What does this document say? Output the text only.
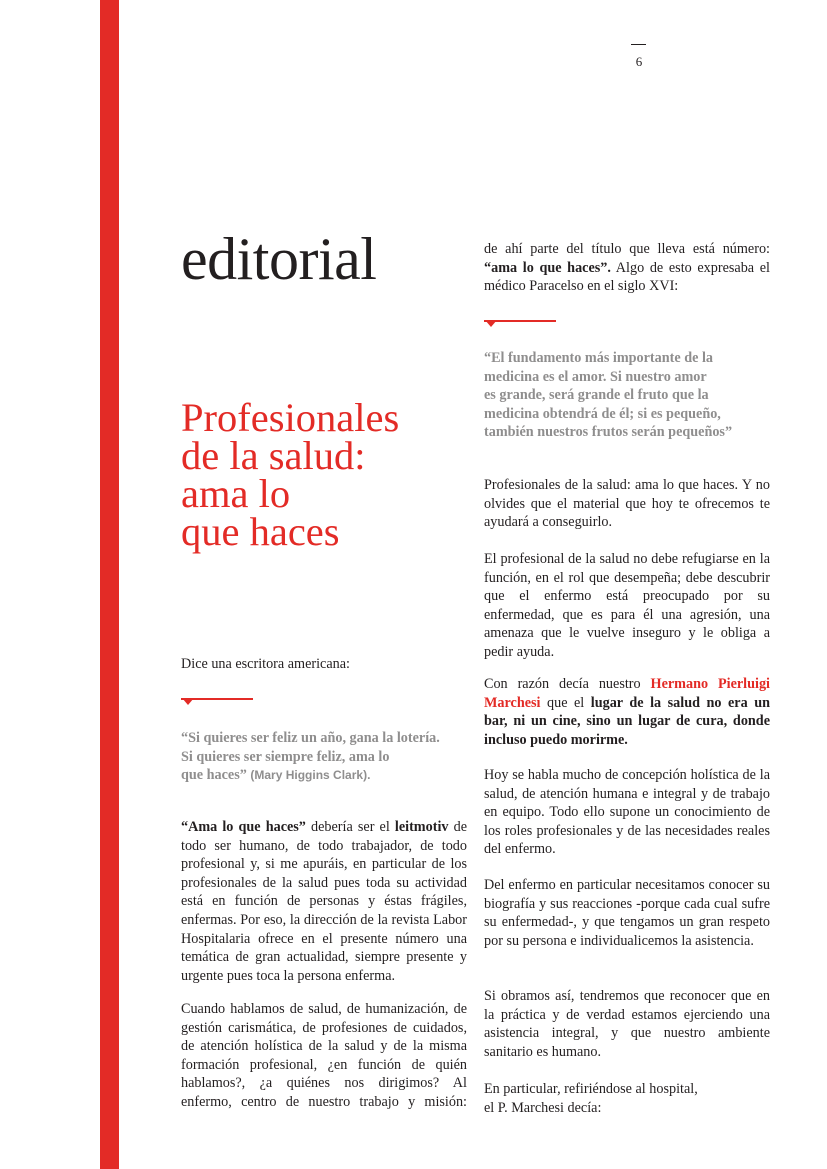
6
editorial
Profesionales
de la salud:
ama lo
que haces

Dice una escritora americana:

“Si quieres ser feliz un año, gana la lotería.
Si quieres ser siempre feliz, ama lo
que haces” (Mary Higgins Clark).

“Ama lo que haces” debería ser el leitmotiv de todo ser humano, de todo trabajador, de todo profesional y, si me apuráis, en particular de los profesionales de la salud pues toda su actividad está en función de personas y éstas frágiles, enfermas. Por eso, la dirección de la revista Labor Hospitalaria ofrece en el presente número una temática de gran actualidad, siempre presente y urgente pues toca la persona enferma.

Cuando hablamos de salud, de humanización, de gestión carismática, de profesiones de cuidados, de atención holística de la salud y de la misma formación profesional, ¿en función de quién hablamos?, ¿a quiénes nos dirigimos? Al enfermo, centro de nuestro trabajo y misión:

de ahí parte del título que lleva está número: “ama lo que haces”. Algo de esto expresaba el médico Paracelso en el siglo XVI:

“El fundamento más importante de la
medicina es el amor. Si nuestro amor
es grande, será grande el fruto que la
medicina obtendrá de él; si es pequeño,
también nuestros frutos serán pequeños”

Profesionales de la salud: ama lo que haces. Y no olvides que el material que hoy te ofrecemos te ayudará a conseguirlo.

El profesional de la salud no debe refugiarse en la función, en el rol que desempeña; debe descubrir que el enfermo está preocupado por su enfermedad, que es para él una agresión, una amenaza que le vuelve inseguro y le obliga a pedir ayuda.

Con razón decía nuestro Hermano Pierluigi Marchesi que el lugar de la salud no era un bar, ni un cine, sino un lugar de cura, donde incluso puedo morirme.

Hoy se habla mucho de concepción holística de la salud, de atención humana e integral y de trabajo en equipo. Todo ello supone un conocimiento de los roles profesionales y de las necesidades reales del enfermo.

Del enfermo en particular necesitamos conocer su biografía y sus reacciones -porque cada cual sufre su enfermedad-, y que tengamos un gran respeto por su persona e individualicemos la asistencia.

Si obramos así, tendremos que reconocer que en la práctica y de verdad estamos ejerciendo una asistencia integral, y que nuestro ambiente sanitario es humano.

En particular, refiriéndose al hospital,
el P. Marchesi decía:
